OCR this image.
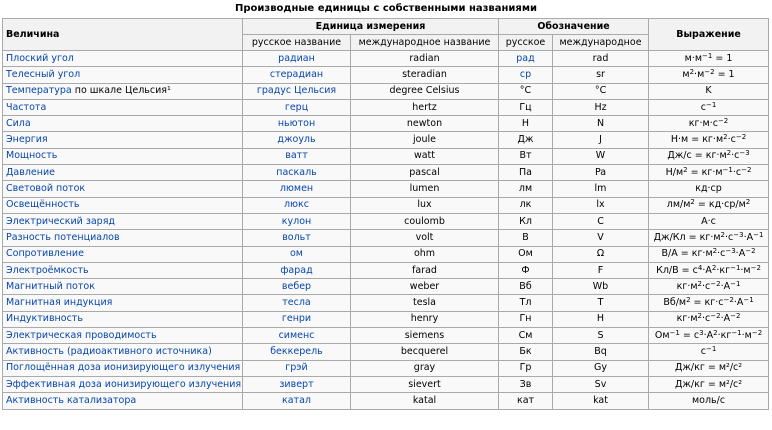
Производные единицы с собственными названиями
Величина	Единица измерения		Обозначение		Выражение
	русское название	международное название	русское	международное	
Плоский угол	радиан	radian	рад	rad	$м\cdot м^{-1} = 1$
Телесный угол	стерадиан	steradian	ср	sr	$м^2\cdot м^{-2} = 1$
Температура по шкале Цельсия¹	градус Цельсия	degree Celsius	°C	°C	K
Частота	герц	hertz	Гц	Hz	$с^{-1}$
Сила	ньютон	newton	Н	N	$кг\cdot м\cdot с^{-2}$
Энергия	джоуль	joule	Дж	J	$Н\cdot м = кг\cdot м^2\cdot с^{-2}$
Мощность	ватт	watt	Вт	W	$Дж/с = кг\cdot м^2\cdot с^{-3}$
Давление	паскаль	pascal	Па	Pa	$Н/м^2 = кг\cdot м^{-1}\cdot с^{-2}$
Световой поток	люмен	lumen	лм	lm	кд·ср
Освещённость	люкс	lux	лк	lx	$лм/м^2 = кд\cdot ср/м^2$
Электрический заряд	кулон	coulomb	Кл	C	А·с
Разность потенциалов	вольт	volt	В	V	$Дж/Кл = кг\cdot м^2\cdot с^{-3}\cdot А^{-1}$
Сопротивление	ом	ohm	Ом	Ω	$В/А = кг\cdot м^2\cdot с^{-3}\cdot А^{-2}$
Электроёмкость	фарад	farad	Ф	F	$Кл/В = с^4\cdot А^2\cdot кг^{-1}\cdot м^{-2}$
Магнитный поток	вебер	weber	Вб	Wb	$кг\cdot м^2\cdot с^{-2}\cdot А^{-1}$
Магнитная индукция	тесла	tesla	Тл	T	$Вб/м^2 = кг\cdot с^{-2}\cdot А^{-1}$
Индуктивность	генри	henry	Гн	H	$кг\cdot м^2\cdot с^{-2}\cdot А^{-2}$
Электрическая проводимость	сименс	siemens	См	S	$Ом^{-1} = с^3\cdot А^2\cdot кг^{-1}\cdot м^{-2}$
Активность (радиоактивного источника)	беккерель	becquerel	Бк	Bq	$с^{-1}$
Поглощённая доза ионизирующего излучения	грэй	gray	Гр	Gy	Дж/кг = м²/с²
Эффективная доза ионизирующего излучения	зиверт	sievert	Зв	Sv	Дж/кг = м²/с²
Активность катализатора	катал	katal	кат	kat	моль/с
